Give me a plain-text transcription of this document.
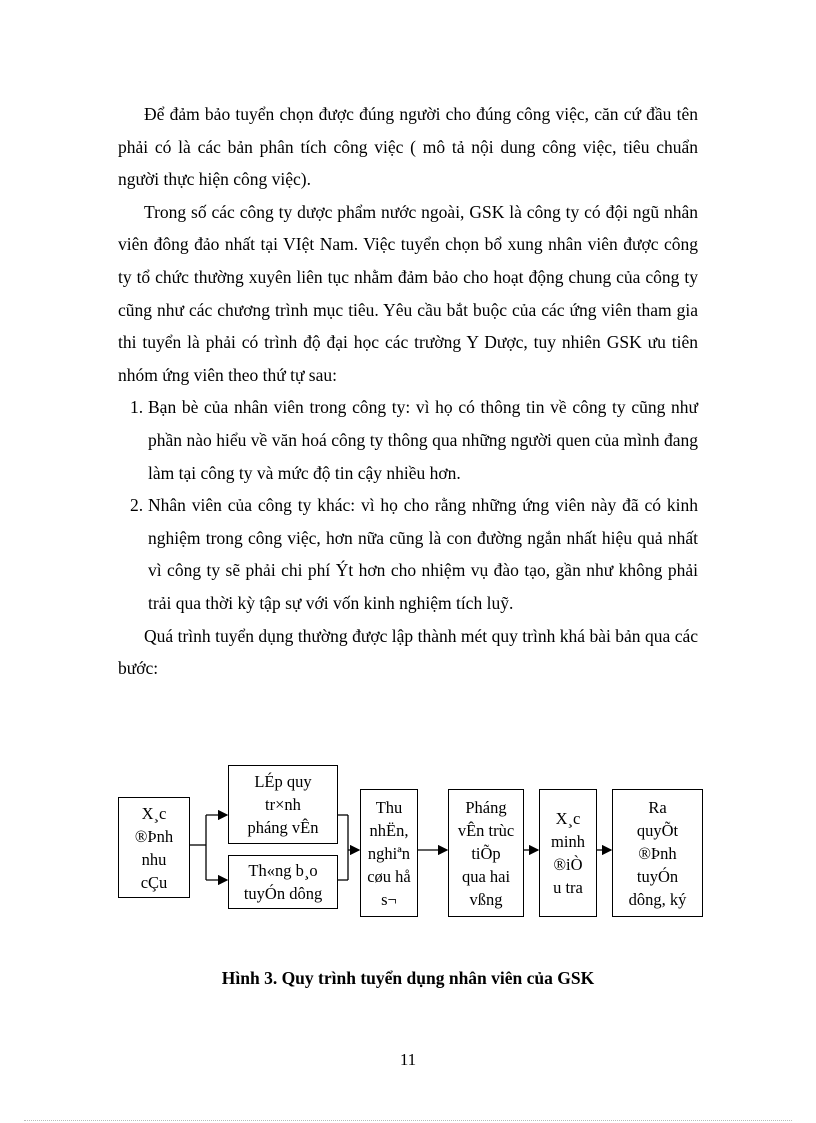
Để đảm bảo tuyển chọn được đúng người cho đúng công việc, căn cứ đầu tên phải có là các bản phân tích công việc ( mô tả nội dung công việc, tiêu chuẩn người thực hiện công việc).

Trong số các công ty dược phẩm nước ngoài, GSK là công ty có đội ngũ nhân viên đông đảo nhất tại VIệt Nam. Việc tuyển chọn bổ xung nhân viên được công ty tổ chức thường xuyên liên tục nhằm đảm bảo cho hoạt động chung của công ty cũng như các chương trình mục tiêu. Yêu cầu bắt buộc của các ứng viên tham gia thi tuyển là phải có trình độ đại học các trường Y Dược, tuy nhiên GSK ưu tiên nhóm ứng viên theo thứ tự sau:

1. Bạn bè của nhân viên trong công ty: vì họ có thông tin về công ty cũng như phần nào hiểu về văn hoá công ty thông qua những người quen của mình đang làm tại công ty và mức độ tin cậy nhiều hơn.
2. Nhân viên của công ty khác: vì họ cho rằng những ứng viên này đã có kinh nghiệm trong công việc, hơn nữa cũng là con đường ngắn nhất hiệu quả nhất vì công ty sẽ phải chi phí Ýt hơn cho nhiệm vụ đào tạo, gần như không phải trải qua thời kỳ tập sự với vốn kinh nghiệm tích luỹ.

Quá trình tuyển dụng thường được lập thành mét quy trình khá bài bản qua các bước:

X¸c
®Þnh
nhu
cÇu
LÉp quy
tr×nh
pháng vÊn
Th«ng b¸o
tuyÓn dông
Thu
nhËn,
nghiªn
cøu hå
s¬
Pháng
vÊn trùc
tiÕp
qua hai
vßng
X¸c
minh
®iÒ
u tra
Ra
quyÕt
®Þnh
tuyÓn
dông, ký
Hình 3. Quy trình tuyển dụng nhân viên của GSK
11
